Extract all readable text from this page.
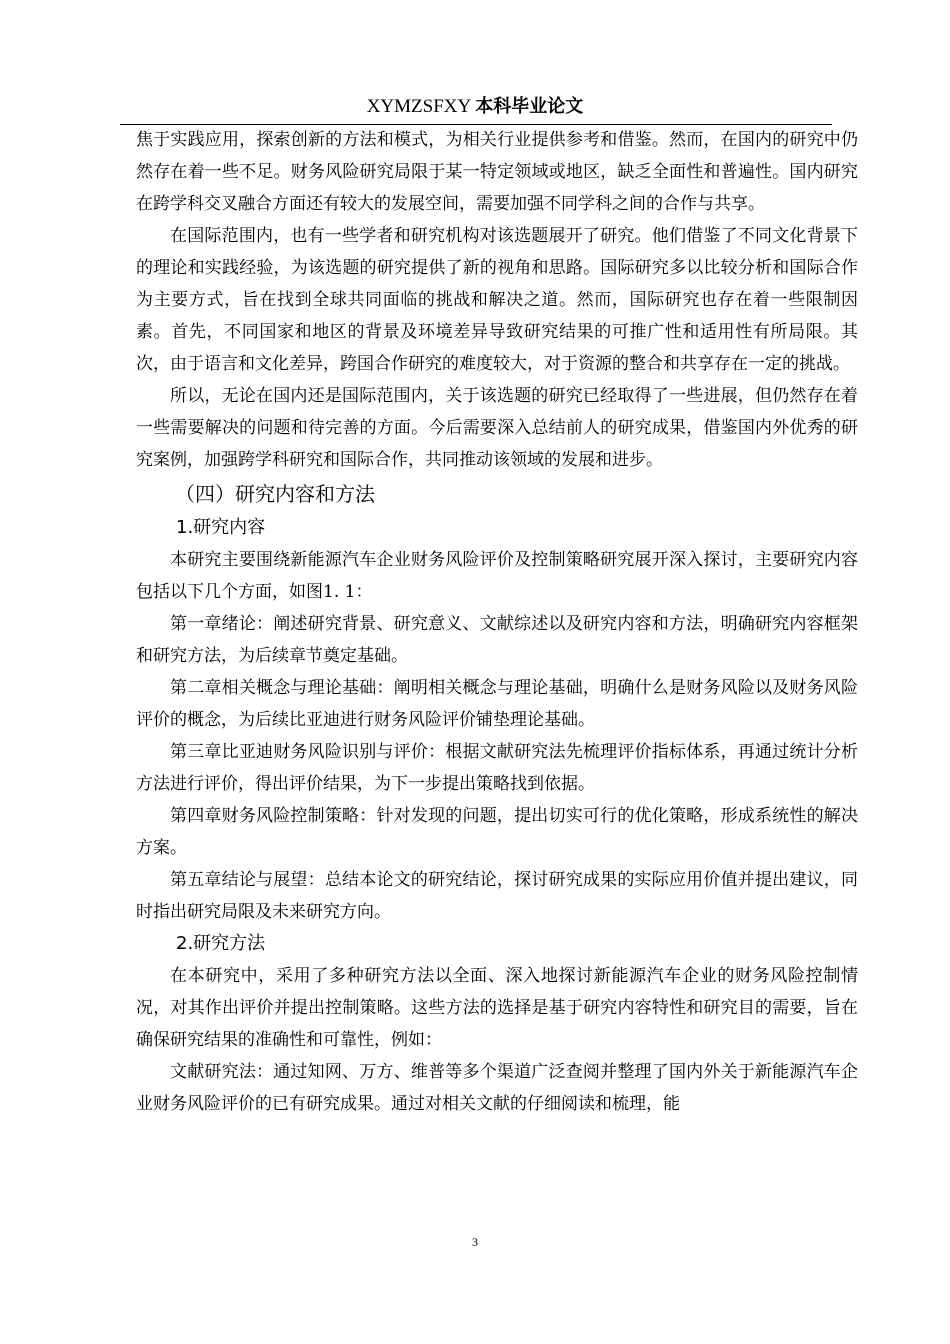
XYMZSFXY 本科毕业论文

焦于实践应用，探索创新的方法和模式，为相关行业提供参考和借鉴。然而，在国内的研究中仍然存在着一些不足。财务风险研究局限于某一特定领域或地区，缺乏全面性和普遍性。国内研究在跨学科交叉融合方面还有较大的发展空间，需要加强不同学科之间的合作与共享。

在国际范围内，也有一些学者和研究机构对该选题展开了研究。他们借鉴了不同文化背景下的理论和实践经验，为该选题的研究提供了新的视角和思路。国际研究多以比较分析和国际合作为主要方式，旨在找到全球共同面临的挑战和解决之道。然而，国际研究也存在着一些限制因素。首先，不同国家和地区的背景及环境差异导致研究结果的可推广性和适用性有所局限。其次，由于语言和文化差异，跨国合作研究的难度较大，对于资源的整合和共享存在一定的挑战。

所以，无论在国内还是国际范围内，关于该选题的研究已经取得了一些进展，但仍然存在着一些需要解决的问题和待完善的方面。今后需要深入总结前人的研究成果，借鉴国内外优秀的研究案例，加强跨学科研究和国际合作，共同推动该领域的发展和进步。

（四）研究内容和方法
1.研究内容

本研究主要围绕新能源汽车企业财务风险评价及控制策略研究展开深入探讨，主要研究内容包括以下几个方面，如图1. 1：

第一章绪论：阐述研究背景、研究意义、文献综述以及研究内容和方法，明确研究内容框架和研究方法，为后续章节奠定基础。

第二章相关概念与理论基础：阐明相关概念与理论基础，明确什么是财务风险以及财务风险评价的概念，为后续比亚迪进行财务风险评价铺垫理论基础。

第三章比亚迪财务风险识别与评价：根据文献研究法先梳理评价指标体系，再通过统计分析方法进行评价，得出评价结果，为下一步提出策略找到依据。

第四章财务风险控制策略：针对发现的问题，提出切实可行的优化策略，形成系统性的解决方案。

第五章结论与展望：总结本论文的研究结论，探讨研究成果的实际应用价值并提出建议，同时指出研究局限及未来研究方向。

2.研究方法

在本研究中，采用了多种研究方法以全面、深入地探讨新能源汽车企业的财务风险控制情况，对其作出评价并提出控制策略。这些方法的选择是基于研究内容特性和研究目的需要，旨在确保研究结果的准确性和可靠性，例如：

文献研究法：通过知网、万方、维普等多个渠道广泛查阅并整理了国内外关于新能源汽车企业财务风险评价的已有研究成果。通过对相关文献的仔细阅读和梳理，能

3
